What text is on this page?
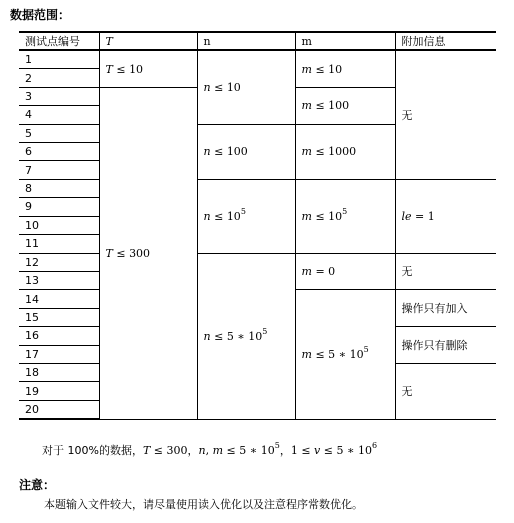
数据范围：
测试点编号	T	n	m	附加信息
1	T ≤ 10	n ≤ 10	m ≤ 10	无
2				
3	T ≤ 300		m ≤ 100	
4				
5		n ≤ 100	m ≤ 1000	
6				
7				
8		$n \le 10^5$	$m \le 10^5$	le = 1
9				
10				
11				
12		n ≤ 5 ∗ $10^5$	m = 0	无
13				
14			m ≤ 5 ∗ $10^5$	操作只有加入
15				
16				操作只有删除
17				
18				无
19				
20				
对于 100%的数据，T ≤ 300，n, m ≤ 5 ∗ $10^5$，1 ≤ v ≤ 5 ∗ $10^6$
注意：
本题输入文件较大，请尽量使用读入优化以及注意程序常数优化。
